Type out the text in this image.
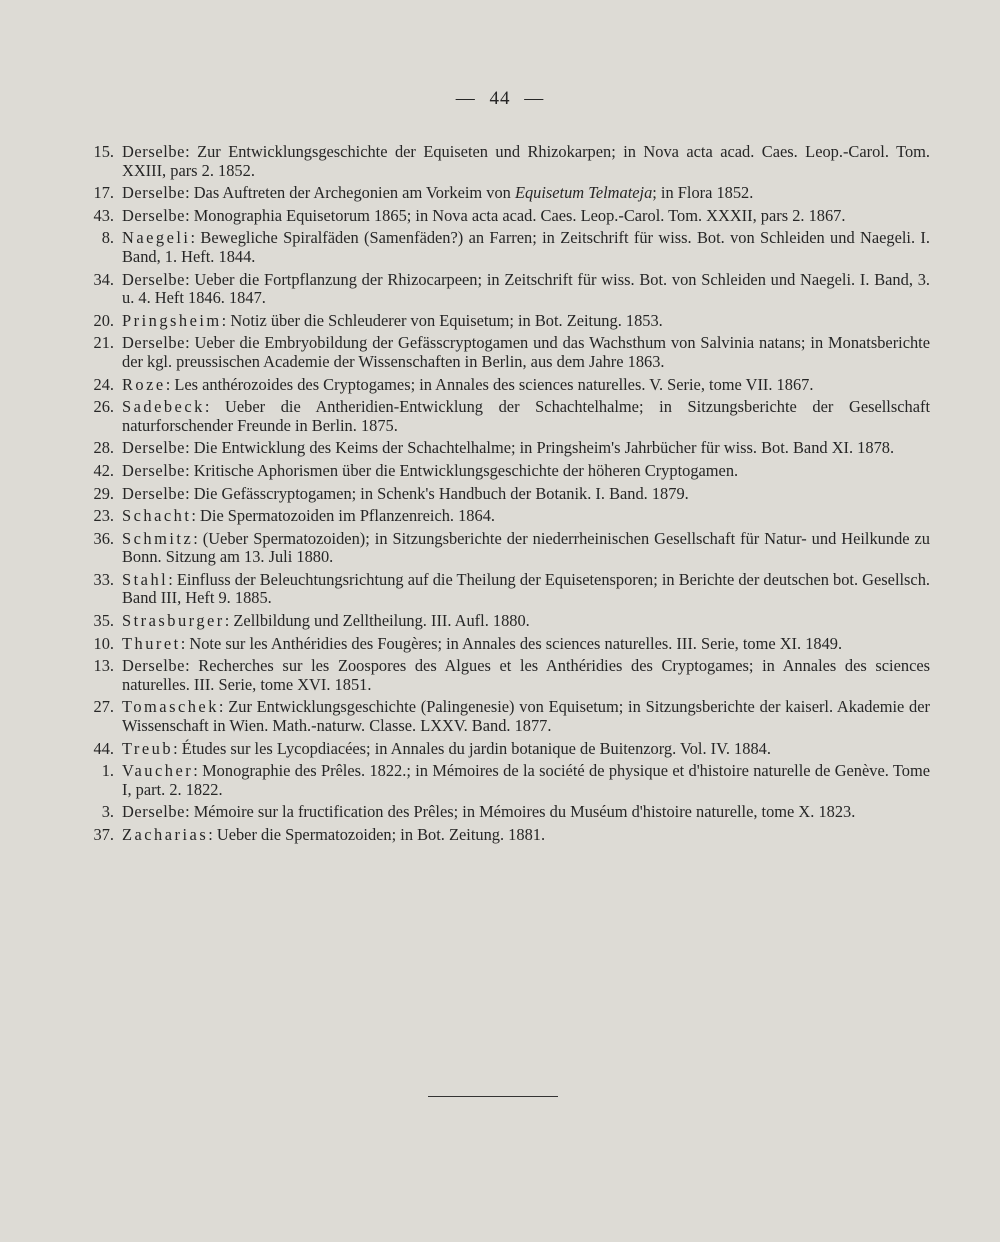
— 44 —
15. Derselbe: Zur Entwicklungsgeschichte der Equiseten und Rhizokarpen; in Nova acta acad. Caes. Leop.-Carol. Tom. XXIII, pars 2. 1852.
17. Derselbe: Das Auftreten der Archegonien am Vorkeim von Equisetum Telmateja; in Flora 1852.
43. Derselbe: Monographia Equisetorum 1865; in Nova acta acad. Caes. Leop.-Carol. Tom. XXXII, pars 2. 1867.
8. Naegeli: Bewegliche Spiralfäden (Samenfäden?) an Farren; in Zeitschrift für wiss. Bot. von Schleiden und Naegeli. I. Band, 1. Heft. 1844.
34. Derselbe: Ueber die Fortpflanzung der Rhizocarpeen; in Zeitschrift für wiss. Bot. von Schleiden und Naegeli. I. Band, 3. u. 4. Heft 1846. 1847.
20. Pringsheim: Notiz über die Schleuderer von Equisetum; in Bot. Zeitung. 1853.
21. Derselbe: Ueber die Embryobildung der Gefässcryptogamen und das Wachsthum von Salvinia natans; in Monatsberichte der kgl. preussischen Academie der Wissenschaften in Berlin, aus dem Jahre 1863.
24. Roze: Les anthérozoides des Cryptogames; in Annales des sciences naturelles. V. Serie, tome VII. 1867.
26. Sadebeck: Ueber die Antheridien-Entwicklung der Schachtelhalme; in Sitzungsberichte der Gesellschaft naturforschender Freunde in Berlin. 1875.
28. Derselbe: Die Entwicklung des Keims der Schachtelhalme; in Pringsheim's Jahrbücher für wiss. Bot. Band XI. 1878.
42. Derselbe: Kritische Aphorismen über die Entwicklungsgeschichte der höheren Cryptogamen.
29. Derselbe: Die Gefässcryptogamen; in Schenk's Handbuch der Botanik. I. Band. 1879.
23. Schacht: Die Spermatozoiden im Pflanzenreich. 1864.
36. Schmitz: (Ueber Spermatozoiden); in Sitzungsberichte der niederrheinischen Gesellschaft für Natur- und Heilkunde zu Bonn. Sitzung am 13. Juli 1880.
33. Stahl: Einfluss der Beleuchtungsrichtung auf die Theilung der Equisetensporen; in Berichte der deutschen bot. Gesellsch. Band III, Heft 9. 1885.
35. Strasburger: Zellbildung und Zelltheilung. III. Aufl. 1880.
10. Thuret: Note sur les Anthéridies des Fougères; in Annales des sciences naturelles. III. Serie, tome XI. 1849.
13. Derselbe: Recherches sur les Zoospores des Algues et les Anthéridies des Cryptogames; in Annales des sciences naturelles. III. Serie, tome XVI. 1851.
27. Tomaschek: Zur Entwicklungsgeschichte (Palingenesie) von Equisetum; in Sitzungsberichte der kaiserl. Akademie der Wissenschaft in Wien. Math.-naturw. Classe. LXXV. Band. 1877.
44. Treub: Études sur les Lycopdiacées; in Annales du jardin botanique de Buitenzorg. Vol. IV. 1884.
1. Vaucher: Monographie des Prêles. 1822.; in Mémoires de la société de physique et d'histoire naturelle de Genève. Tome I, part. 2. 1822.
3. Derselbe: Mémoire sur la fructification des Prêles; in Mémoires du Muséum d'histoire naturelle, tome X. 1823.
37. Zacharias: Ueber die Spermatozoiden; in Bot. Zeitung. 1881.
